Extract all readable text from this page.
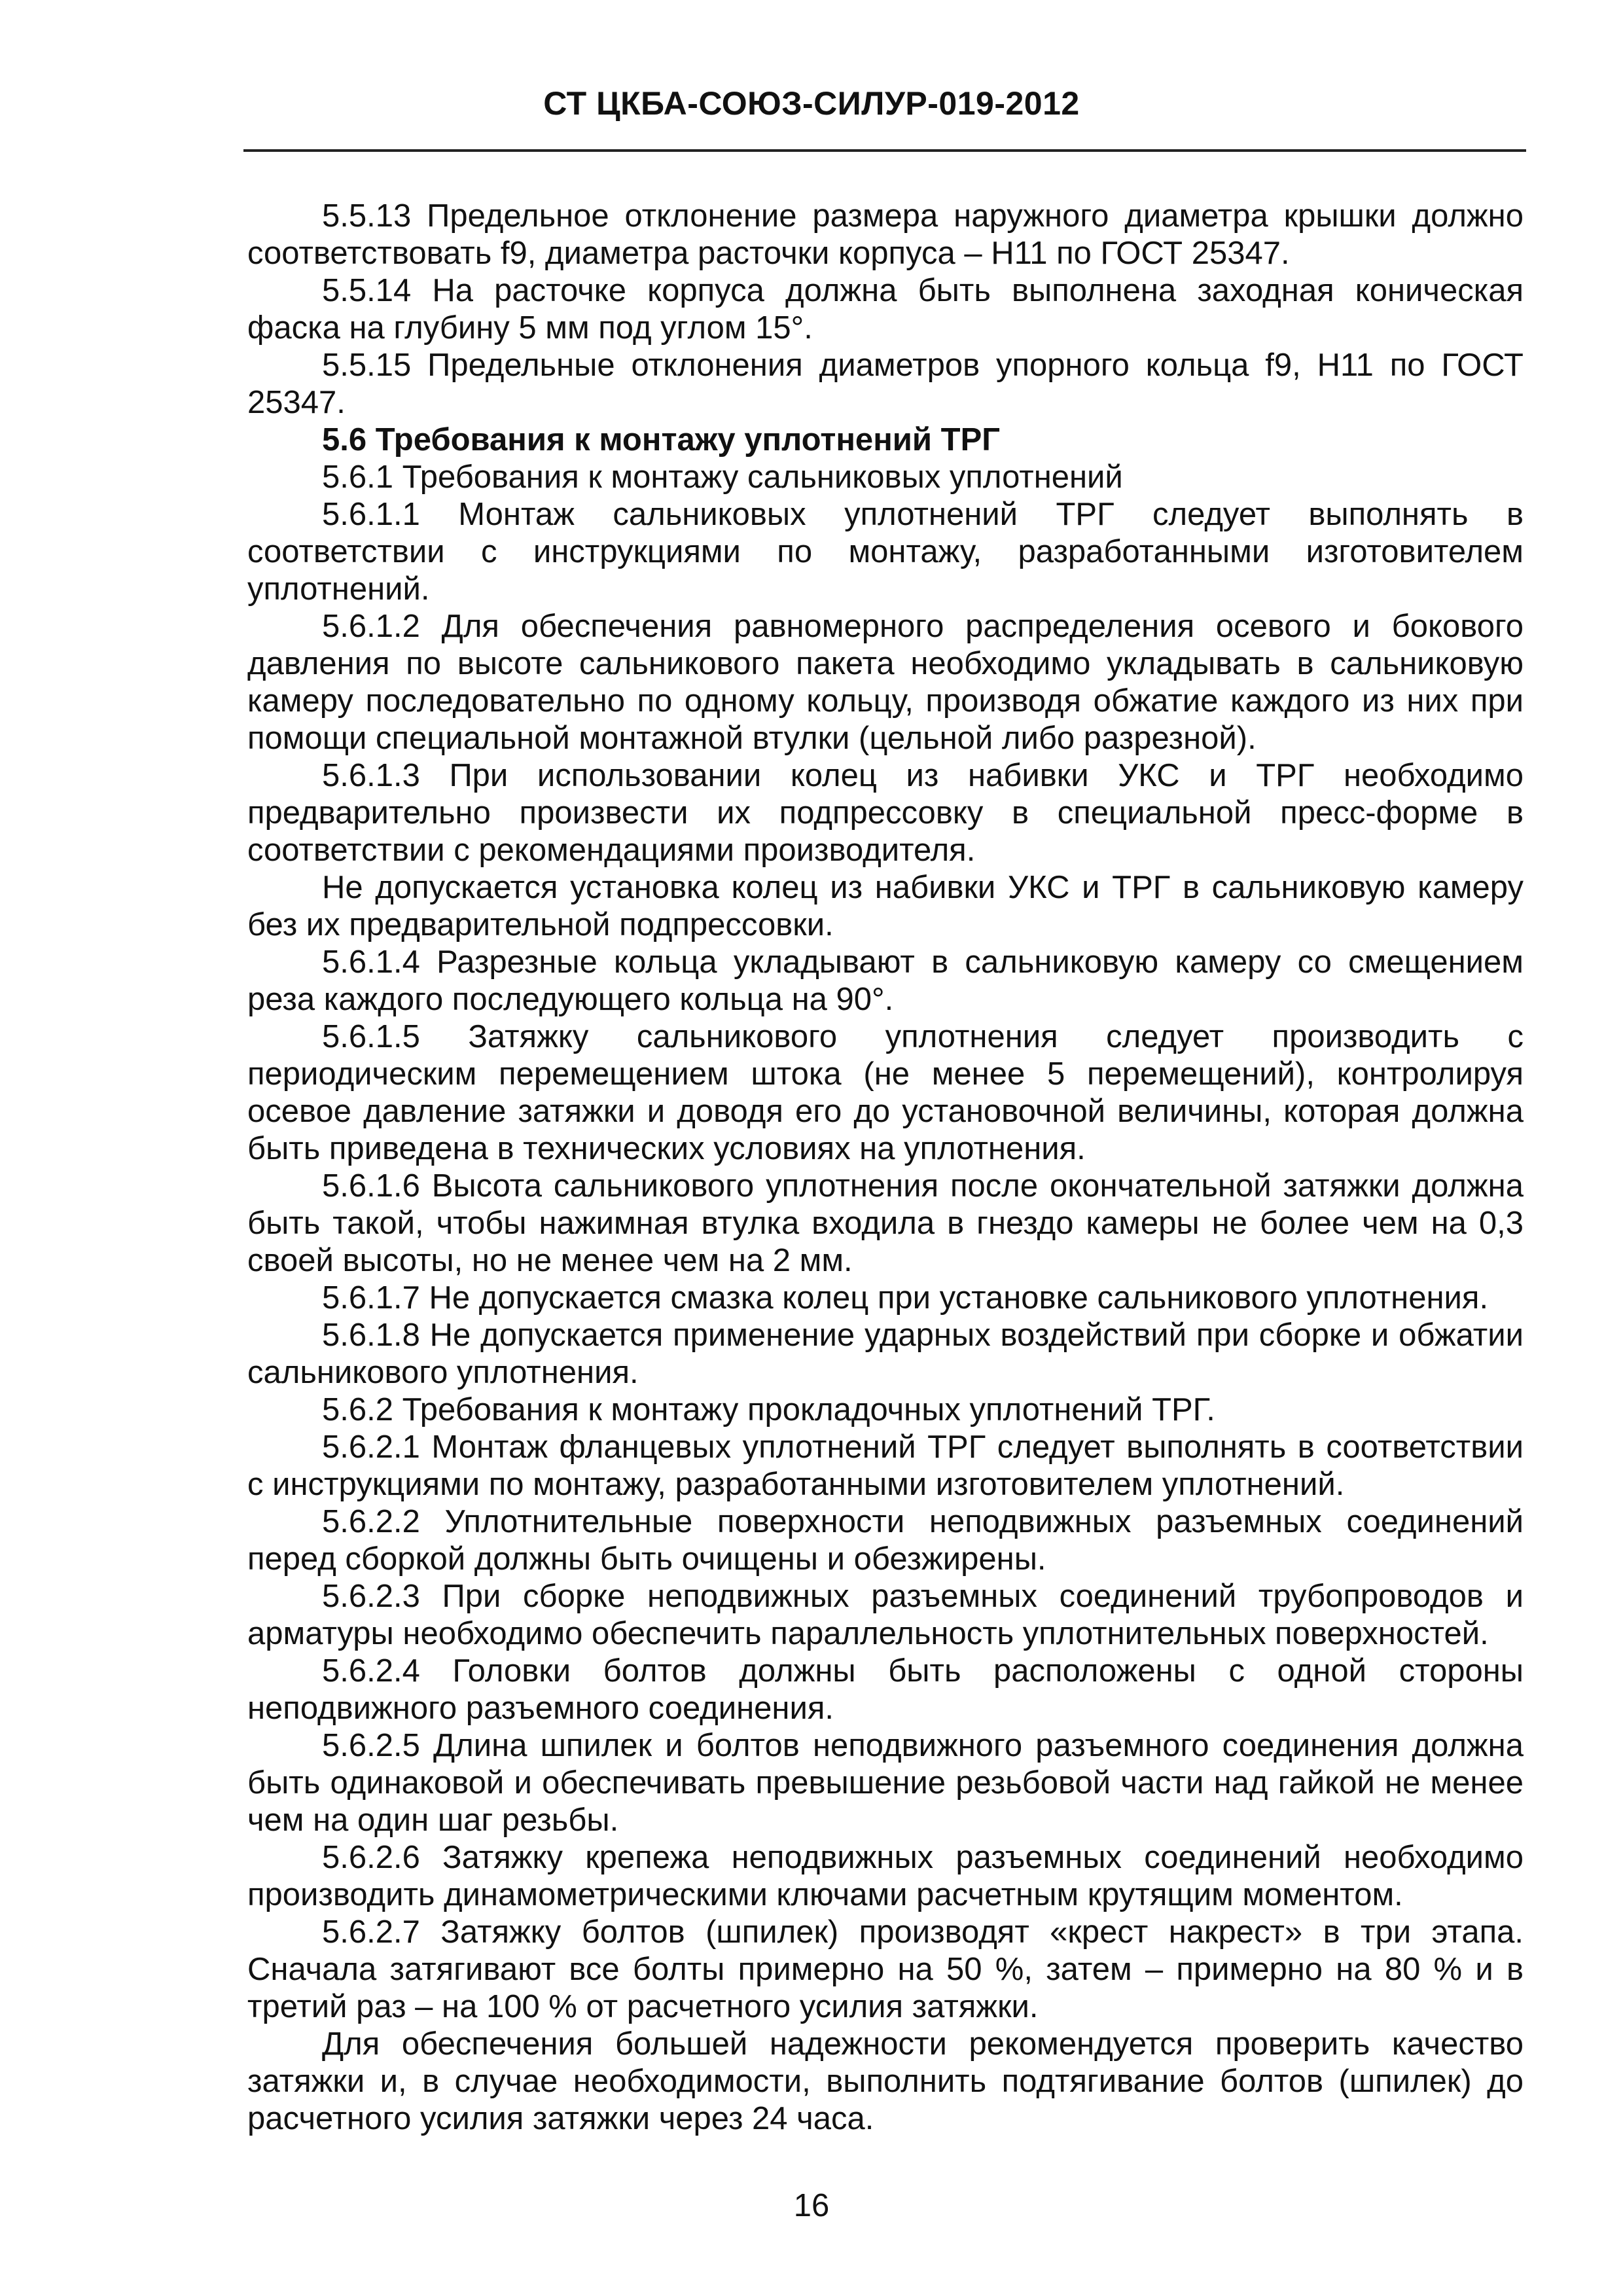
СТ ЦКБА-СОЮЗ-СИЛУР-019-2012

5.5.13 Предельное отклонение размера наружного диаметра крышки должно соответствовать f9, диаметра расточки корпуса – H11 по ГОСТ 25347.

5.5.14 На расточке корпуса должна быть выполнена заходная коническая фаска на глубину 5 мм под углом 15°.

5.5.15 Предельные отклонения диаметров упорного кольца f9, H11 по ГОСТ 25347.

5.6 Требования к монтажу уплотнений ТРГ

5.6.1 Требования к монтажу сальниковых уплотнений

5.6.1.1 Монтаж сальниковых уплотнений ТРГ следует выполнять в соответствии с инструкциями по монтажу, разработанными изготовителем уплотнений.

5.6.1.2 Для обеспечения равномерного распределения осевого и бокового давления по высоте сальникового пакета необходимо укладывать в сальниковую камеру последовательно по одному кольцу, производя обжатие каждого из них при помощи специальной монтажной втулки (цельной либо разрезной).

5.6.1.3 При использовании колец из набивки УКС и ТРГ необходимо предварительно произвести их подпрессовку в специальной пресс-форме в соответствии с рекомендациями производителя.

Не допускается установка колец из набивки УКС и ТРГ в сальниковую камеру без их предварительной подпрессовки.

5.6.1.4 Разрезные кольца укладывают в сальниковую камеру со смещением реза каждого последующего кольца на 90°.

5.6.1.5 Затяжку сальникового уплотнения следует производить с периодическим перемещением штока (не менее 5 перемещений), контролируя осевое давление затяжки и доводя его до установочной величины, которая должна быть приведена в технических условиях на уплотнения.

5.6.1.6 Высота сальникового уплотнения после окончательной затяжки должна быть такой, чтобы нажимная втулка входила в гнездо камеры не более чем на 0,3 своей высоты, но не менее чем на 2 мм.

5.6.1.7 Не допускается смазка колец при установке сальникового уплотнения.

5.6.1.8 Не допускается применение ударных воздействий при сборке и обжатии сальникового уплотнения.

5.6.2 Требования к монтажу прокладочных уплотнений ТРГ.

5.6.2.1 Монтаж фланцевых уплотнений ТРГ следует выполнять в соответствии с инструкциями по монтажу, разработанными изготовителем уплотнений.

5.6.2.2 Уплотнительные поверхности неподвижных разъемных соединений перед сборкой должны быть очищены и обезжирены.

5.6.2.3 При сборке неподвижных разъемных соединений трубопроводов и арматуры необходимо обеспечить параллельность уплотнительных поверхностей.

5.6.2.4 Головки болтов должны быть расположены с одной стороны неподвижного разъемного соединения.

5.6.2.5 Длина шпилек и болтов неподвижного разъемного соединения должна быть одинаковой и обеспечивать превышение резьбовой части над гайкой не менее чем на один шаг резьбы.

5.6.2.6 Затяжку крепежа неподвижных разъемных соединений необходимо производить динамометрическими ключами расчетным крутящим моментом.

5.6.2.7 Затяжку болтов (шпилек) производят «крест накрест» в три этапа. Сначала затягивают все болты примерно на 50 %, затем – примерно на 80 % и в третий раз – на 100 % от расчетного усилия затяжки.

Для обеспечения большей надежности рекомендуется проверить качество затяжки и, в случае необходимости, выполнить подтягивание болтов (шпилек) до расчетного усилия затяжки через 24 часа.

16
